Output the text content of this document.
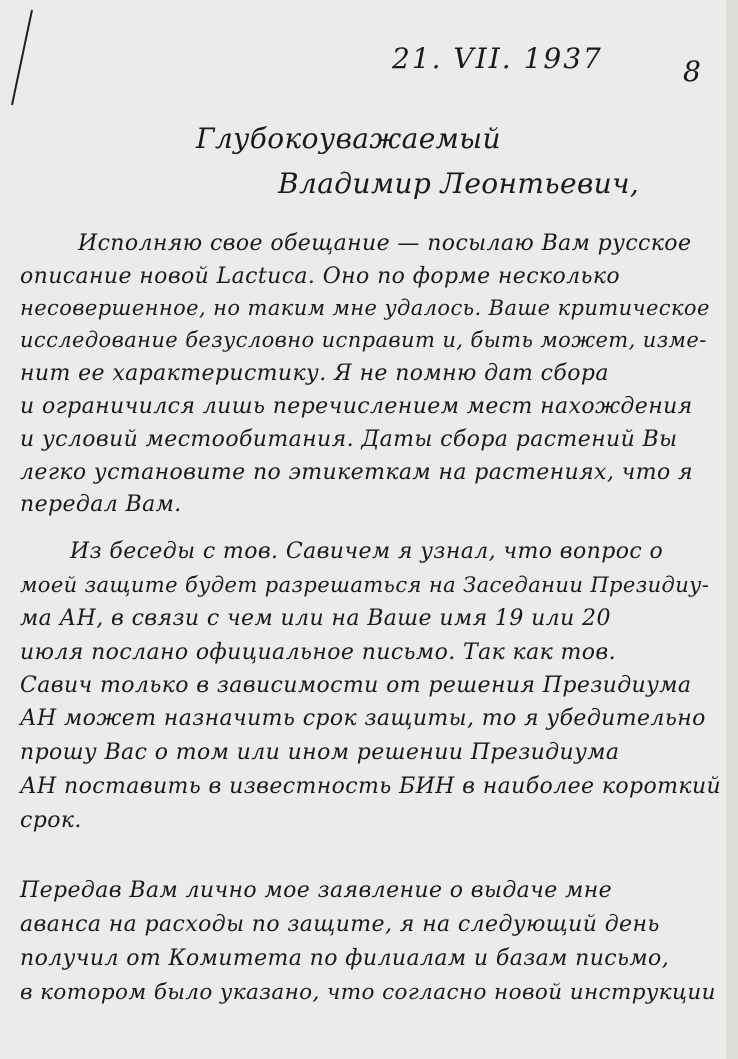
21. VII. 1937	8
Глубокоуважаемый
Владимир Леонтьевич,
Исполняю свое обещание — посылаю Вам русское
описание новой Lactuca. Оно по форме несколько
несовершенное, но таким мне удалось. Ваше критическое
исследование безусловно исправит и, быть может, изме-
нит ее характеристику. Я не помню дат сбора
и ограничился лишь перечислением мест нахождения
и условий местообитания. Даты сбора растений Вы
легко установите по этикеткам на растениях, что я
передал Вам.
Из беседы с тов. Савичем я узнал, что вопрос о
моей защите будет разрешаться на Заседании Президиу-
ма АН, в связи с чем или на Ваше имя 19 или 20
июля послано официальное письмо. Так как тов.
Савич только в зависимости от решения Президиума
АН может назначить срок защиты, то я убедительно
прошу Вас о том или ином решении Президиума
АН поставить в известность БИН в наиболее короткий
срок.
Передав Вам лично мое заявление о выдаче мне
аванса на расходы по защите, я на следующий день
получил от Комитета по филиалам и базам письмо,
в котором было указано, что согласно новой инструкции
